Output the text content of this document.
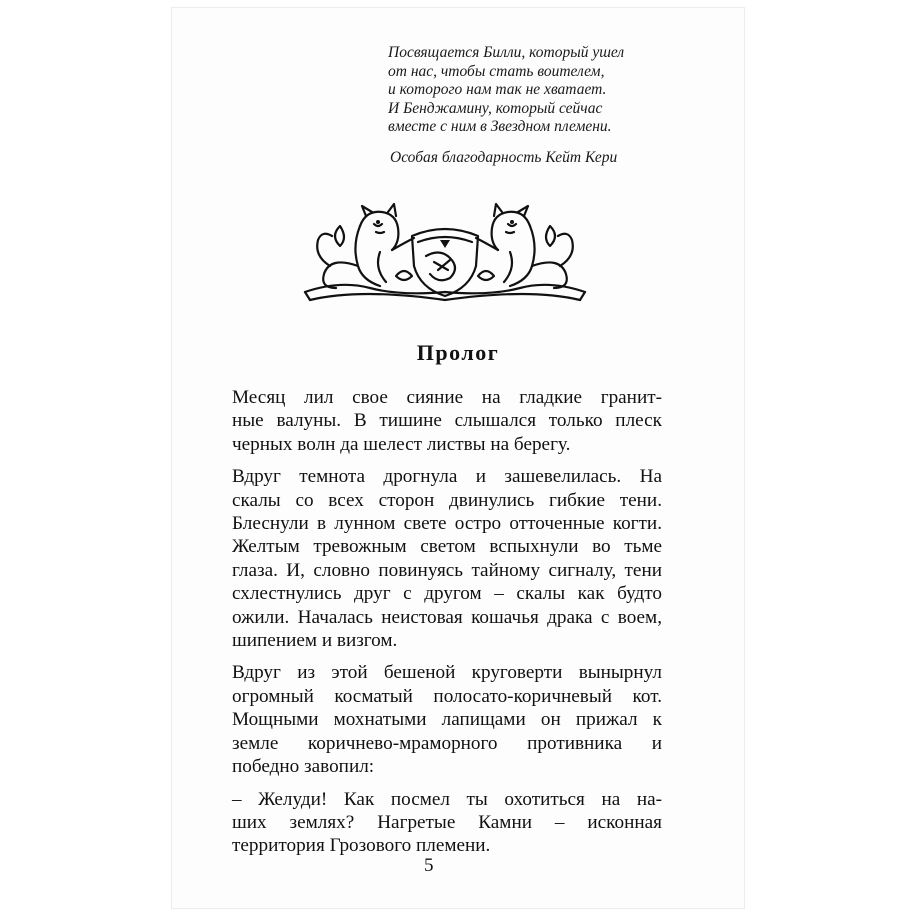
Посвящается Билли, который ушел
от нас, чтобы стать воителем,
и которого нам так не хватает.
И Бенджамину, который сейчас
вместе с ним в Звездном племени.
Особая благодарность Кейт Кери
Пролог
Месяц лил свое сияние на гладкие гранит-
ные валуны. В тишине слышался только плеск
черных волн да шелест листвы на берегу.
Вдруг темнота дрогнула и зашевелилась. На
скалы со всех сторон двинулись гибкие тени.
Блеснули в лунном свете остро отточенные когти.
Желтым тревожным светом вспыхнули во тьме
глаза. И, словно повинуясь тайному сигналу, тени
схлестнулись друг с другом – скалы как будто
ожили. Началась неистовая кошачья драка с воем,
шипением и визгом.
Вдруг из этой бешеной круговерти вынырнул
огромный косматый полосато-коричневый кот.
Мощными мохнатыми лапищами он прижал к
земле коричнево-мраморного противника и
победно завопил:
– Желуди! Как посмел ты охотиться на на-
ших землях? Нагретые Камни – исконная
территория Грозового племени.
5
